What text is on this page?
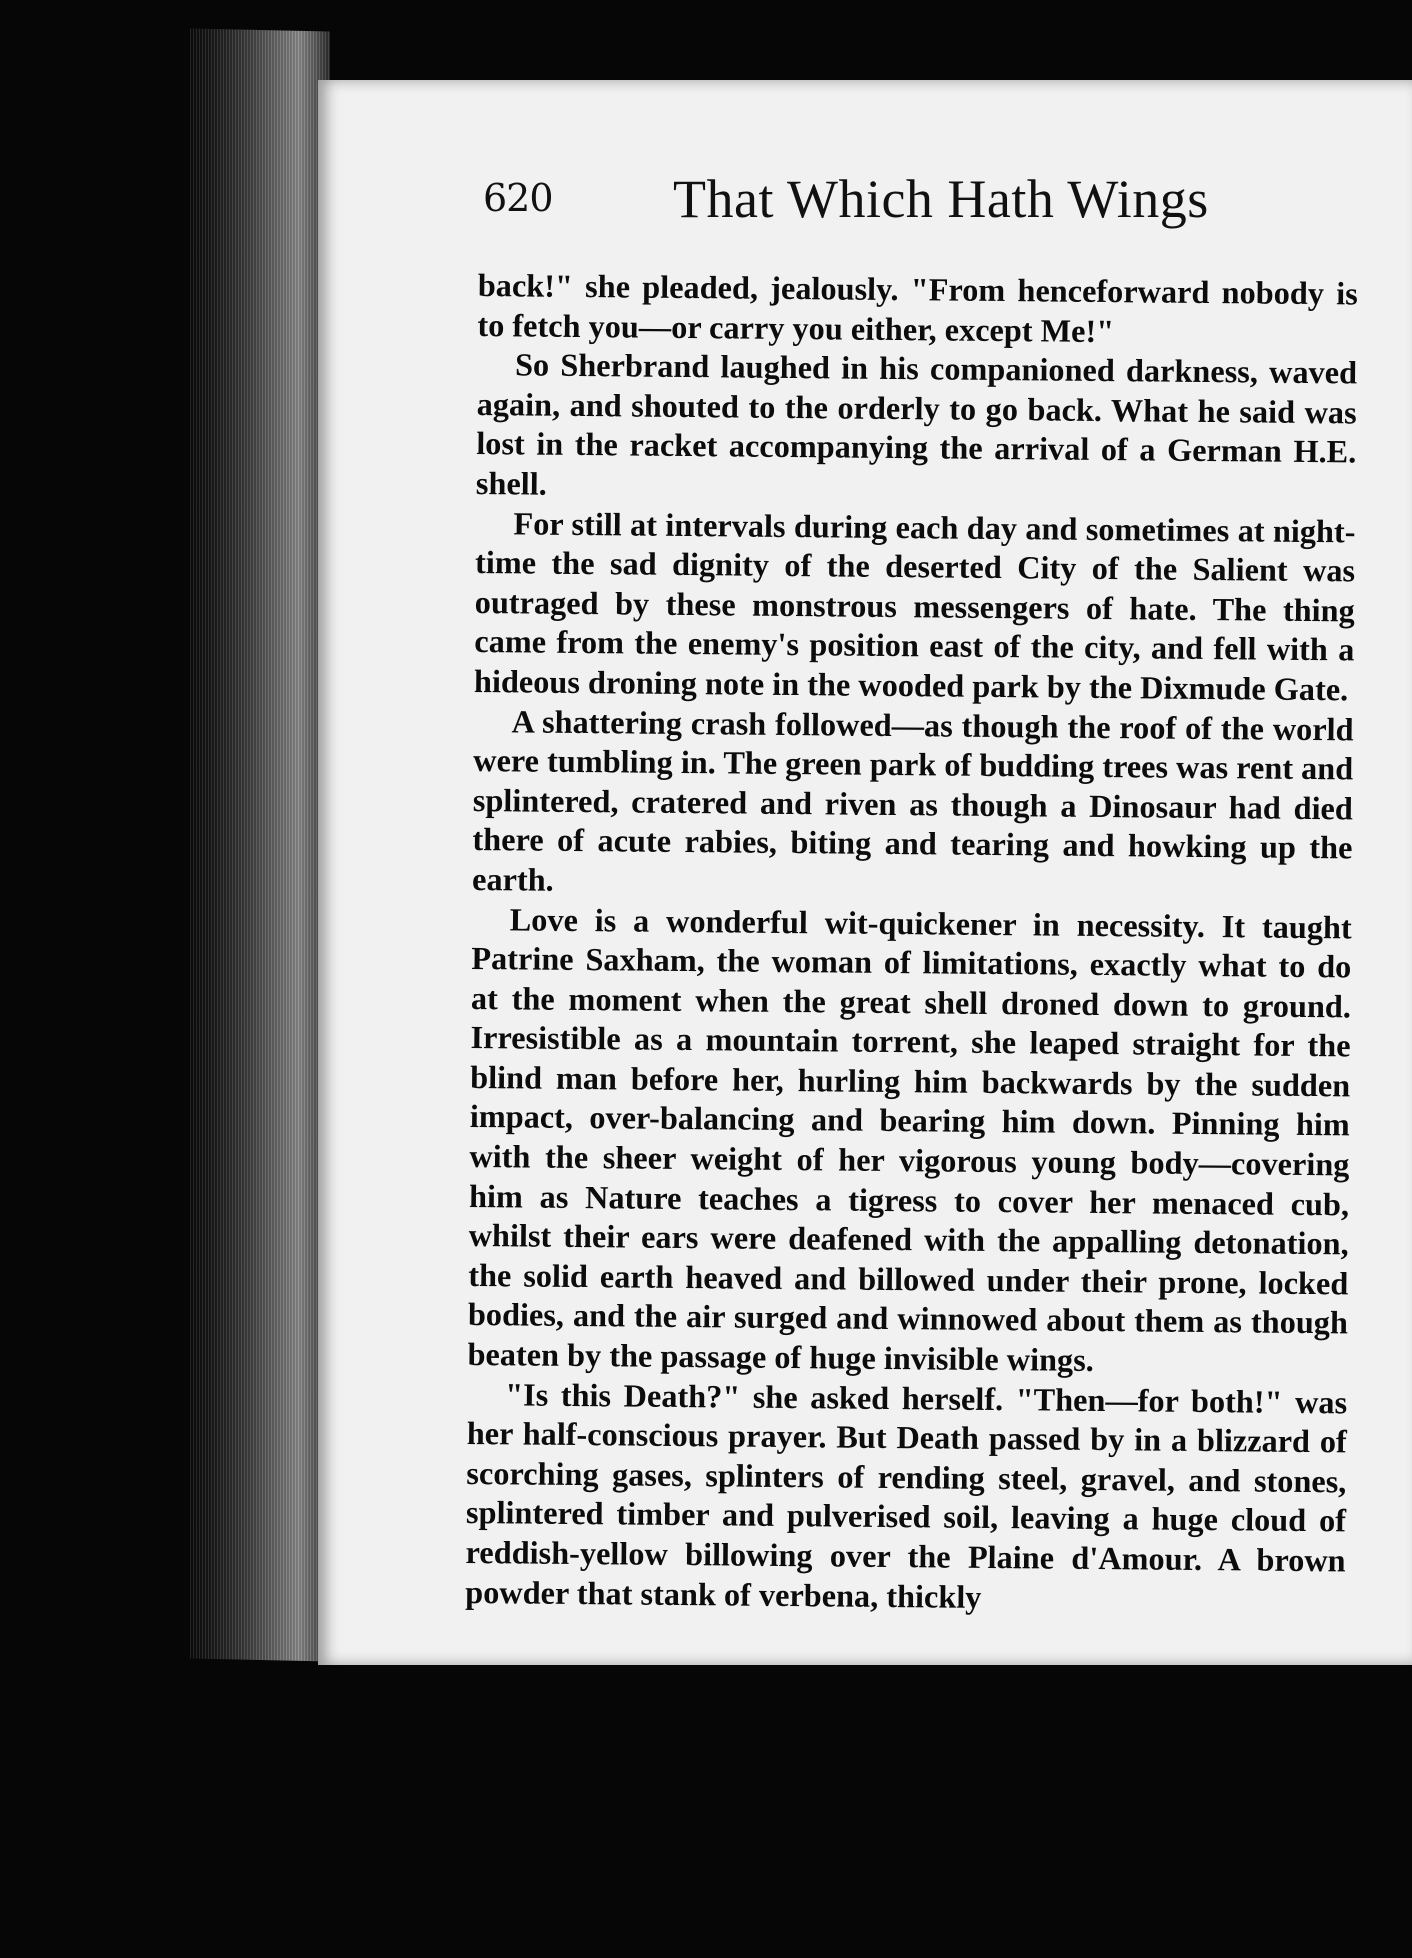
620 That Which Hath Wings

back!" she pleaded, jealously. "From henceforward nobody is to fetch you—or carry you either, except Me!"

So Sherbrand laughed in his companioned darkness, waved again, and shouted to the orderly to go back. What he said was lost in the racket accompanying the arrival of a German H.E. shell.

For still at intervals during each day and sometimes at night-time the sad dignity of the deserted City of the Salient was outraged by these monstrous messengers of hate. The thing came from the enemy's position east of the city, and fell with a hideous droning note in the wooded park by the Dixmude Gate.

A shattering crash followed—as though the roof of the world were tumbling in. The green park of budding trees was rent and splintered, cratered and riven as though a Dinosaur had died there of acute rabies, biting and tearing and howking up the earth.

Love is a wonderful wit-quickener in necessity. It taught Patrine Saxham, the woman of limitations, exactly what to do at the moment when the great shell droned down to ground. Irresistible as a mountain torrent, she leaped straight for the blind man before her, hurling him backwards by the sudden impact, over-balancing and bearing him down. Pinning him with the sheer weight of her vigorous young body—covering him as Nature teaches a tigress to cover her menaced cub, whilst their ears were deafened with the appalling detonation, the solid earth heaved and billowed under their prone, locked bodies, and the air surged and winnowed about them as though beaten by the passage of huge invisible wings.

"Is this Death?" she asked herself. "Then—for both!" was her half-conscious prayer. But Death passed by in a blizzard of scorching gases, splinters of rending steel, gravel, and stones, splintered timber and pulverised soil, leaving a huge cloud of reddish-yellow billowing over the Plaine d'Amour. A brown powder that stank of verbena, thickly
